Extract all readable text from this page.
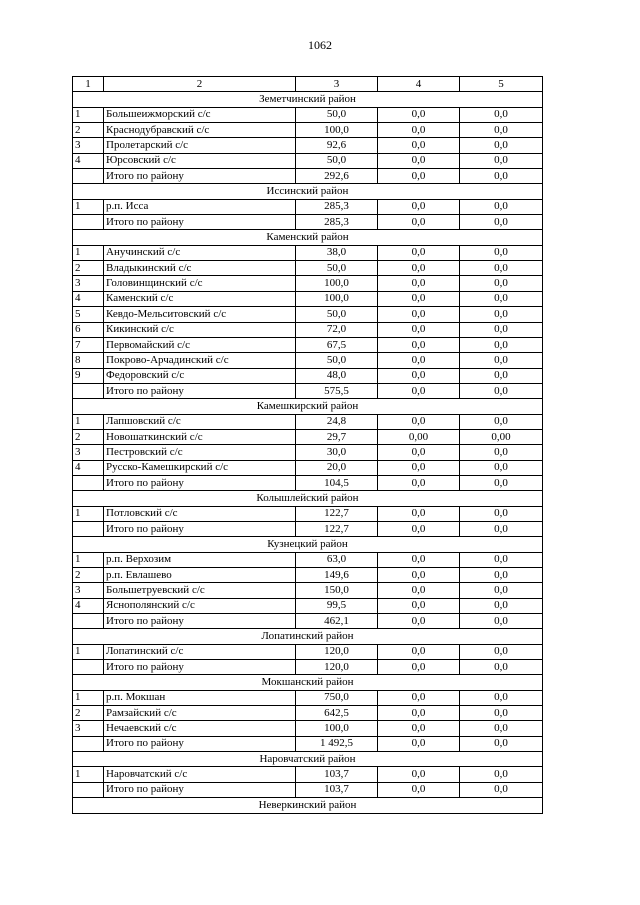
1062
1	2	3	4	5
Земетчинский район				
1	Большеижморский с/с	50,0	0,0	0,0
2	Краснодубравский с/с	100,0	0,0	0,0
3	Пролетарский с/с	92,6	0,0	0,0
4	Юрсовский с/с	50,0	0,0	0,0
	Итого по району	292,6	0,0	0,0
Иссинский район				
1	р.п. Исса	285,3	0,0	0,0
	Итого по району	285,3	0,0	0,0
Каменский район				
1	Анучинский с/с	38,0	0,0	0,0
2	Владыкинский с/с	50,0	0,0	0,0
3	Головинщинский с/с	100,0	0,0	0,0
4	Каменский с/с	100,0	0,0	0,0
5	Кевдо-Мельситовский с/с	50,0	0,0	0,0
6	Кикинский с/с	72,0	0,0	0,0
7	Первомайский с/с	67,5	0,0	0,0
8	Покрово-Арчадинский с/с	50,0	0,0	0,0
9	Федоровский с/с	48,0	0,0	0,0
	Итого по району	575,5	0,0	0,0
Камешкирский район				
1	Лапшовский с/с	24,8	0,0	0,0
2	Новошаткинский с/с	29,7	0,00	0,00
3	Пестровский с/с	30,0	0,0	0,0
4	Русско-Камешкирский с/с	20,0	0,0	0,0
	Итого по району	104,5	0,0	0,0
Колышлейский район				
1	Потловский с/с	122,7	0,0	0,0
	Итого по району	122,7	0,0	0,0
Кузнецкий район				
1	р.п. Верхозим	63,0	0,0	0,0
2	р.п. Евлашево	149,6	0,0	0,0
3	Большетруевский с/с	150,0	0,0	0,0
4	Яснополянский с/с	99,5	0,0	0,0
	Итого по району	462,1	0,0	0,0
Лопатинский район				
1	Лопатинский с/с	120,0	0,0	0,0
	Итого по району	120,0	0,0	0,0
Мокшанский район				
1	р.п. Мокшан	750,0	0,0	0,0
2	Рамзайский с/с	642,5	0,0	0,0
3	Нечаевский с/с	100,0	0,0	0,0
	Итого по району	1 492,5	0,0	0,0
Наровчатский район				
1	Наровчатский с/с	103,7	0,0	0,0
	Итого по району	103,7	0,0	0,0
Неверкинский район				
